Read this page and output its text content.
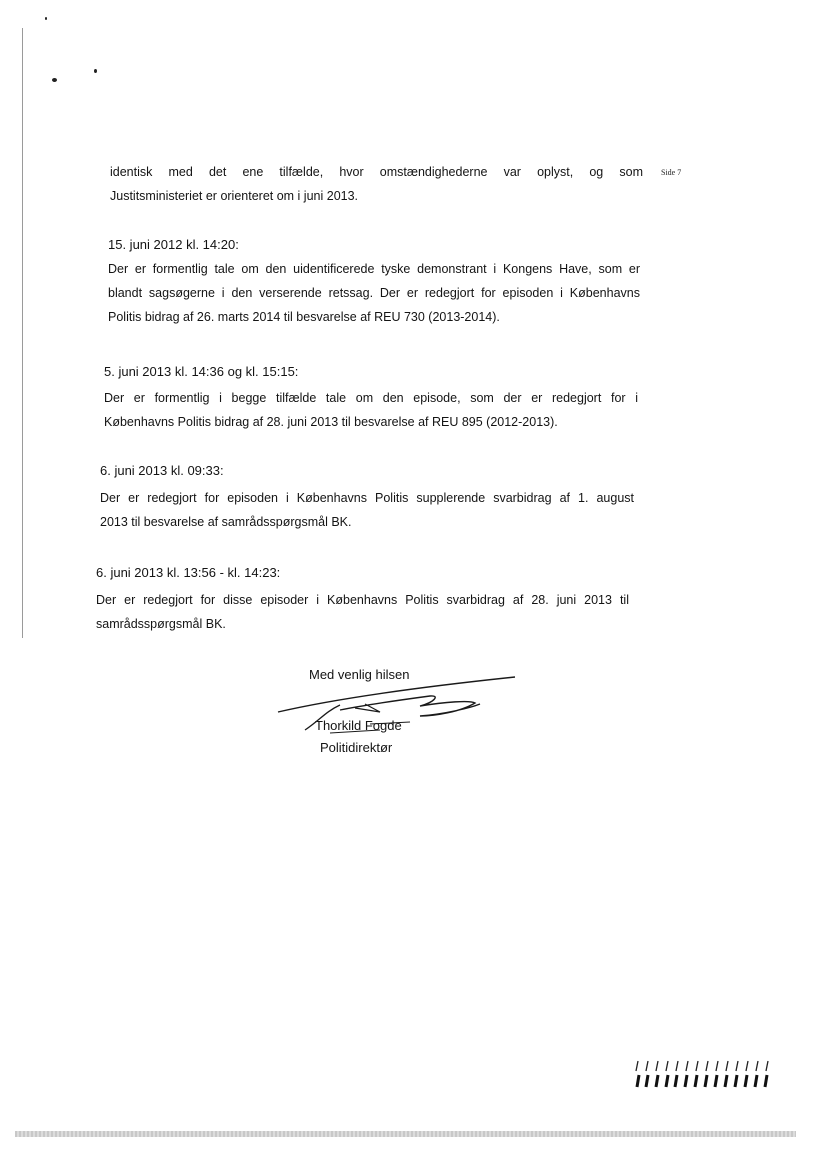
Side 7
identisk med det ene tilfælde, hvor omstændighederne var oplyst, og som
Justitsministeriet er orienteret om i juni 2013.
15. juni 2012 kl. 14:20:
Der er formentlig tale om den uidentificerede tyske demonstrant i Kongens Have, som er
blandt sagsøgerne i den verserende retssag. Der er redegjort for episoden i Københavns
Politis bidrag af 26. marts 2014 til besvarelse af REU 730 (2013-2014).
5. juni 2013 kl. 14:36 og kl. 15:15:
Der er formentlig i begge tilfælde tale om den episode, som der er redegjort for i
Københavns Politis bidrag af 28. juni 2013 til besvarelse af REU 895 (2012-2013).
6. juni 2013 kl. 09:33:
Der er redegjort for episoden i Københavns Politis supplerende svarbidrag af 1. august
2013 til besvarelse af samrådsspørgsmål BK.
6. juni 2013 kl. 13:56 - kl. 14:23:
Der er redegjort for disse episoder i Københavns Politis svarbidrag af 28. juni 2013 til
samrådsspørgsmål BK.
Med venlig hilsen
Thorkild Fogde
Politidirektør
